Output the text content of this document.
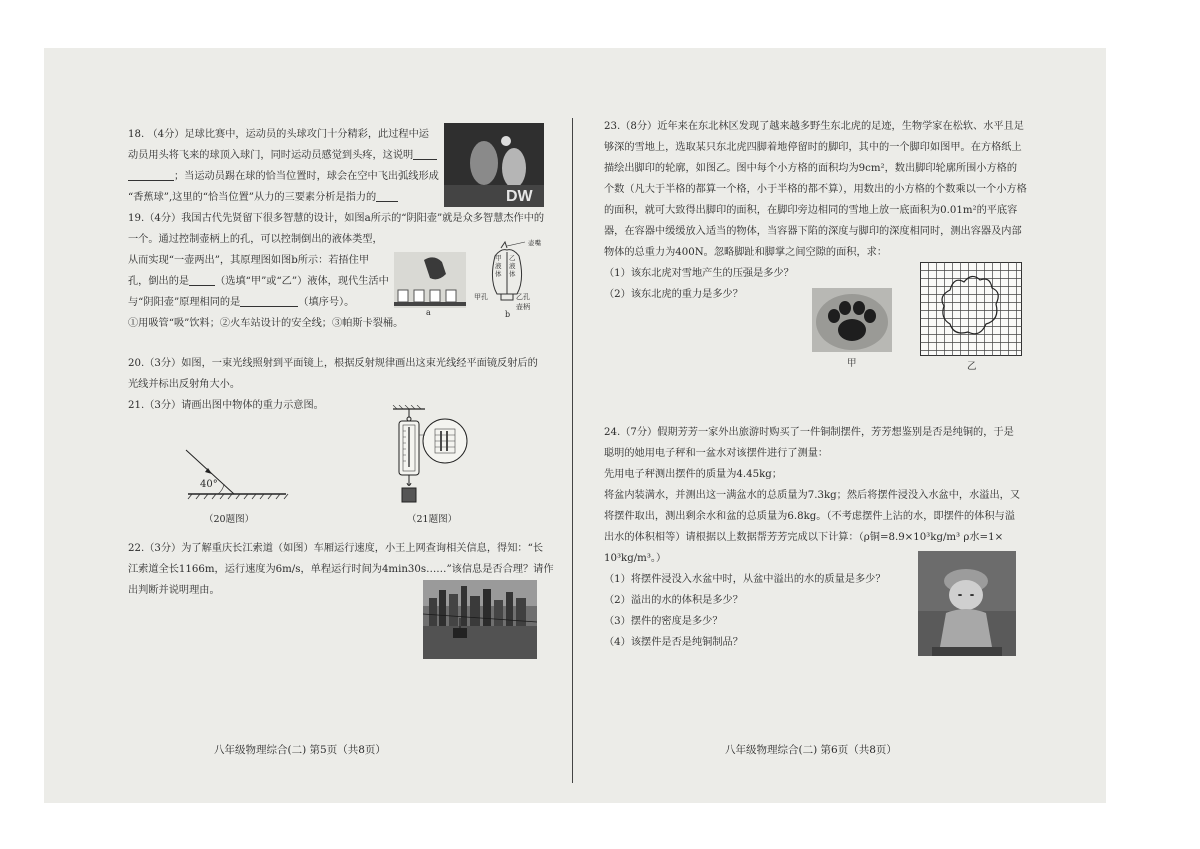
18. （4分）足球比赛中，运动员的头球攻门十分精彩，此过程中运

动员用头将飞来的球顶入球门，同时运动员感觉到头疼，这说明

；当运动员踢在球的恰当位置时，球会在空中飞出弧线形成

“香蕉球”,这里的“恰当位置”从力的三要素分析是指力的	DW

19.（4分）我国古代先贤留下很多智慧的设计，如图a所示的“阴阳壶”就是众多智慧杰作中的

一个。通过控制壶柄上的孔，可以控制倒出的液体类型，

从而实现“一壶两出”，其原理图如图b所示：若捂住甲

孔，倒出的是	（选填“甲”或“乙”）液体，现代生活中

与“阴阳壶”原理相同的是	（填序号）。

①用吸管“吸”饮料；②火车站设计的安全线；③帕斯卡裂桶。

a
壶嘴
甲液体
乙液体
甲孔	乙孔
壶柄
b

20.（3分）如图，一束光线照射到平面镜上，根据反射规律画出这束光线经平面镜反射后的

光线并标出反射角大小。

21.（3分）请画出图中物体的重力示意图。

40°
（20题图）	（21题图）

22.（3分）为了解重庆长江索道（如图）车厢运行速度，小王上网查询相关信息，得知：“长

江索道全长1166m，运行速度为6m/s，单程运行时间为4min30s……”该信息是否合理？请作

出判断并说明理由。

八年级物理综合(二) 第5页（共8页）

23.（8分）近年来在东北林区发现了越来越多野生东北虎的足迹，生物学家在松软、水平且足

够深的雪地上，选取某只东北虎四脚着地停留时的脚印，其中的一个脚印如图甲。在方格纸上

描绘出脚印的轮廓，如图乙。图中每个小方格的面积均为9cm²，数出脚印轮廓所围小方格的

个数（凡大于半格的都算一个格，小于半格的都不算），用数出的小方格的个数乘以一个小方格

的面积，就可大致得出脚印的面积，在脚印旁边相同的雪地上放一底面积为0.01m²的平底容

器，在容器中缓缓放入适当的物体，当容器下陷的深度与脚印的深度相同时，测出容器及内部

物体的总重力为400N。忽略脚趾和脚掌之间空隙的面积，求：

（1）该东北虎对雪地产生的压强是多少？

（2）该东北虎的重力是多少？

甲	乙

24.（7分）假期芳芳一家外出旅游时购买了一件铜制摆件，芳芳想鉴别是否是纯铜的，于是

聪明的她用电子秤和一盆水对该摆件进行了测量：

先用电子秤测出摆件的质量为4.45kg；

将盆内装满水，并测出这一满盆水的总质量为7.3kg；然后将摆件浸没入水盆中，水溢出，又

将摆件取出，测出剩余水和盆的总质量为6.8kg。（不考虑摆件上沾的水，即摆件的体积与溢

出水的体积相等）请根据以上数据帮芳芳完成以下计算：（ρ铜=8.9×10³kg/m³ ρ水=1×

10³kg/m³。）

（1）将摆件浸没入水盆中时，从盆中溢出的水的质量是多少？

（2）溢出的水的体积是多少？

（3）摆件的密度是多少？

（4）该摆件是否是纯铜制品？

八年级物理综合(二) 第6页（共8页）
